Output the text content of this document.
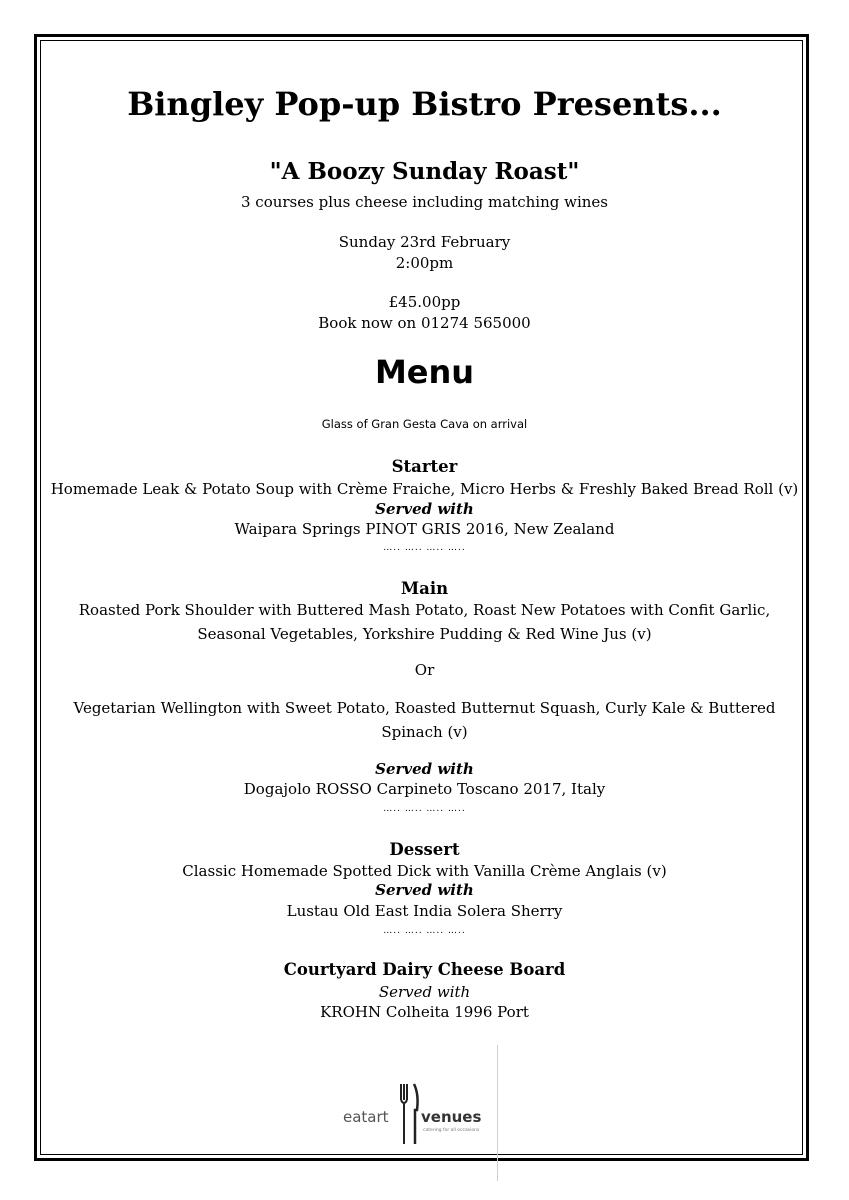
Bingley Pop-up Bistro Presents...
"A Boozy Sunday Roast"
3 courses plus cheese including matching wines
Sunday 23rd February
2:00pm
£45.00pp
Book now on 01274 565000
Menu
Glass of Gran Gesta Cava on arrival
Starter
Homemade Leak & Potato Soup with Crème Fraiche, Micro Herbs & Freshly Baked Bread Roll (v)
Served with
Waipara Springs PINOT GRIS 2016, New Zealand
….. ….. ….. …..
Main
Roasted Pork Shoulder with Buttered Mash Potato, Roast New Potatoes with Confit Garlic,
Seasonal Vegetables, Yorkshire Pudding & Red Wine Jus (v)
Or
Vegetarian Wellington with Sweet Potato, Roasted Butternut Squash, Curly Kale & Buttered
Spinach (v)
Served with
Dogajolo ROSSO Carpineto Toscano 2017, Italy
….. ….. ….. …..
Dessert
Classic Homemade Spotted Dick with Vanilla Crème Anglais (v)
Served with
Lustau Old East India Solera Sherry
….. ….. ….. …..
Courtyard Dairy Cheese Board
Served with
KROHN Colheita 1996 Port
eatart venues
catering for all occasions
